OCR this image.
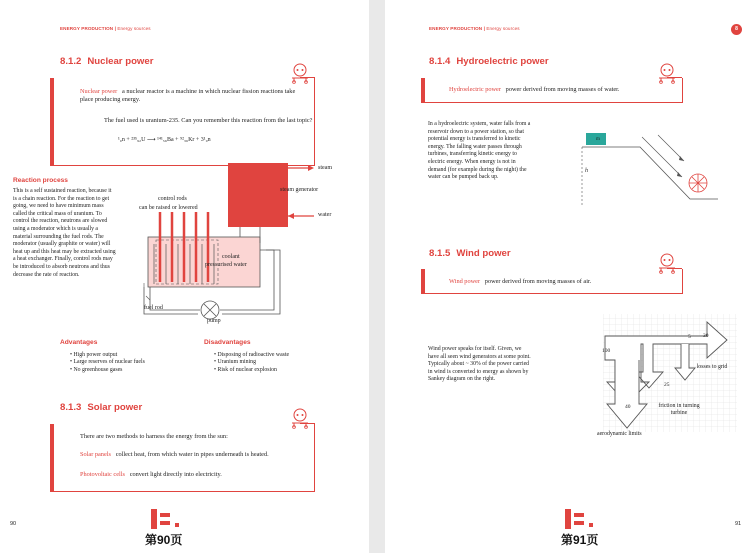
ENERGY PRODUCTION | Energy sources
8.1.2 Nuclear power
Nuclear power a nuclear reactor is a machine in which nuclear fission reactions take place producing energy.
The fuel used is uranium-235. Can you remember this reaction from the last topic?
¹₀n + ²³⁵₉₂U ⟶ ¹⁴¹₅₆Ba + ⁹²₃₆Kr + 3¹₀n
Reaction process
This is a self sustained reaction, because it is a chain reaction. For the reaction to get going, we need to have minimum mass called the critical mass of uranium. To control the reaction, neutrons are slowed using a moderator which is usually a material surrounding the fuel rods. The moderator (usually graphite or water) will heat up and this heat may be extracted using a heat exchanger. Finally, control rods may be introduced to absorb neutrons and thus decrease the rate of reaction.
control rods
can be raised or lowered
steam
steam generator
water
coolant
pressurised water
fuel rod
pump
Advantages
• High power output
• Large reserves of nuclear fuels
• No greenhouse gases
Disadvantages
• Disposing of radioactive waste
• Uranium mining
• Risk of nuclear explosion
8.1.3 Solar power
There are two methods to harness the energy from the sun:
Solar panels collect heat, from which water in pipes underneath is heated.
Photovoltaic cells convert light directly into electricity.
90
第90页
ENERGY PRODUCTION | Energy sources	8
8.1.4 Hydroelectric power
Hydroelectric power power derived from moving masses of water.
In a hydroelectric system, water falls from a reservoir down to a power station, so that potential energy is transferred to kinetic energy. The falling water passes through turbines, transferring kinetic energy to electric energy. When energy is not in demand (for example during the night) the water can be pumped back up.
m
h
8.1.5 Wind power
Wind power power derived from moving masses of air.
Wind power speaks for itself. Given, we have all seen wind generators at some point. Typically about ~ 30% of the power carried in wind is converted to energy as shown by Sankey diagram on the right.
100
5 30
losses to grid
25
40	friction in turning turbine
aerodynamic limits
91
第91页
